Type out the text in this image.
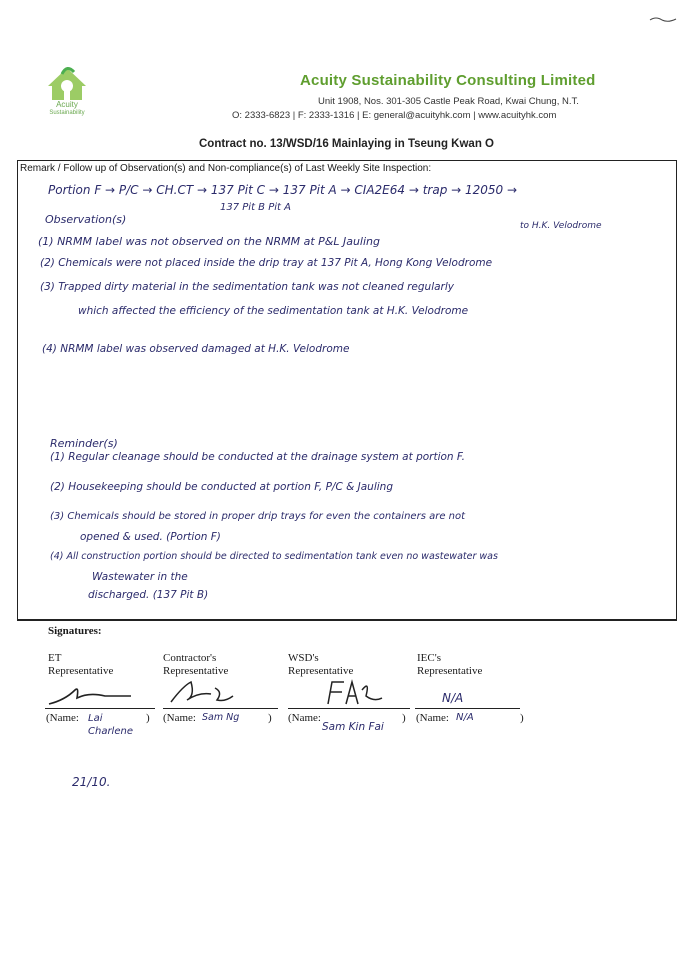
Acuity
Sustainability
Acuity Sustainability Consulting Limited
Unit 1908, Nos. 301-305 Castle Peak Road, Kwai Chung, N.T.
O: 2333-6823 | F: 2333-1316 | E: general@acuityhk.com | www.acuityhk.com
Contract no. 13/WSD/16 Mainlaying in Tseung Kwan O
Remark / Follow up of Observation(s) and Non-compliance(s) of Last Weekly Site Inspection:
Portion F → P/C → CH.CT → 137 Pit C → 137 Pit A → CIA2E64 → trap → 12050 →
137 Pit B Pit A
to H.K. Velodrome
Observation(s)
(1) NRMM label was not observed on the NRMM at P&L Jauling
(2) Chemicals were not placed inside the drip tray at 137 Pit A, Hong Kong Velodrome
(3) Trapped dirty material in the sedimentation tank was not cleaned regularly
which affected the efficiency of the sedimentation tank at H.K. Velodrome
(4) NRMM label was observed damaged at H.K. Velodrome
Reminder(s)
(1) Regular cleanage should be conducted at the drainage system at portion F.
(2) Housekeeping should be conducted at portion F, P/C & Jauling
(3) Chemicals should be stored in proper drip trays for even the containers are not
opened & used. (Portion F)
(4) All construction portion should be directed to sedimentation tank even no wastewater was
Wastewater in the
discharged. (137 Pit B)
Signatures:
ET
Representative
(Name: Lai Charlene
)
Contractor's
Representative
(Name: Sam Ng	)
WSD's
Representative
(Name:
Sam Kin Fai
)
IEC's
Representative
N/A
(Name: N/A	)
21/10.
